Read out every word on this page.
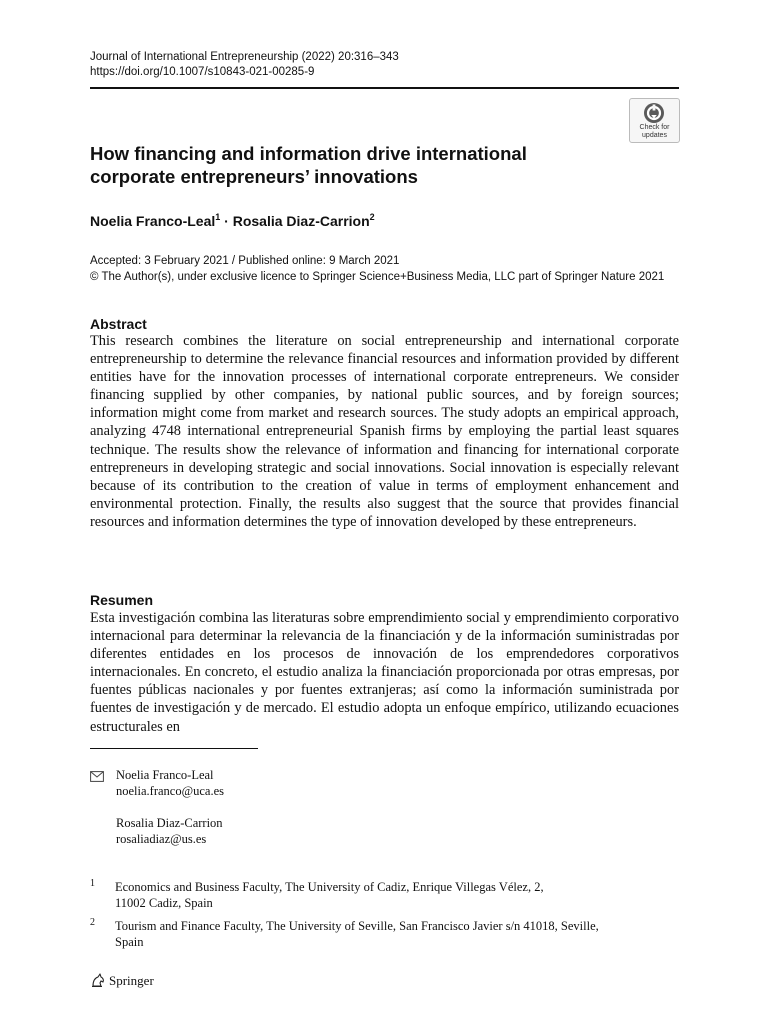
Journal of International Entrepreneurship (2022) 20:316–343
https://doi.org/10.1007/s10843-021-00285-9
Check for
updates
How financing and information drive international corporate entrepreneurs’ innovations
Noelia Franco-Leal$^1$ · Rosalia Diaz-Carrion$^2$
Accepted: 3 February 2021 / Published online: 9 March 2021
© The Author(s), under exclusive licence to Springer Science+Business Media, LLC part of Springer Nature 2021
Abstract

This research combines the literature on social entrepreneurship and international corporate entrepreneurship to determine the relevance financial resources and information provided by different entities have for the innovation processes of international corporate entrepreneurs. We consider financing supplied by other companies, by national public sources, and by foreign sources; information might come from market and research sources. The study adopts an empirical approach, analyzing 4748 international entrepreneurial Spanish firms by employing the partial least squares technique. The results show the relevance of information and financing for international corporate entrepreneurs in developing strategic and social innovations. Social innovation is especially relevant because of its contribution to the creation of value in terms of employment enhancement and environmental protection. Finally, the results also suggest that the source that provides financial resources and information determines the type of innovation developed by these entrepreneurs.

Resumen

Esta investigación combina las literaturas sobre emprendimiento social y emprendimiento corporativo internacional para determinar la relevancia de la financiación y de la información suministradas por diferentes entidades en los procesos de innovación de los emprendedores corporativos internacionales. En concreto, el estudio analiza la financiación proporcionada por otras empresas, por fuentes públicas nacionales y por fuentes extranjeras; así como la información suministrada por fuentes de investigación y de mercado. El estudio adopta un enfoque empírico, utilizando ecuaciones estructurales en

Noelia Franco-Leal
noelia.franco@uca.es
Rosalia Diaz-Carrion
rosaliadiaz@us.es
1 Economics and Business Faculty, The University of Cadiz, Enrique Villegas Vélez, 2,
11002 Cadiz, Spain
2 Tourism and Finance Faculty, The University of Seville, San Francisco Javier s/n 41018, Seville,
Spain
Springer
